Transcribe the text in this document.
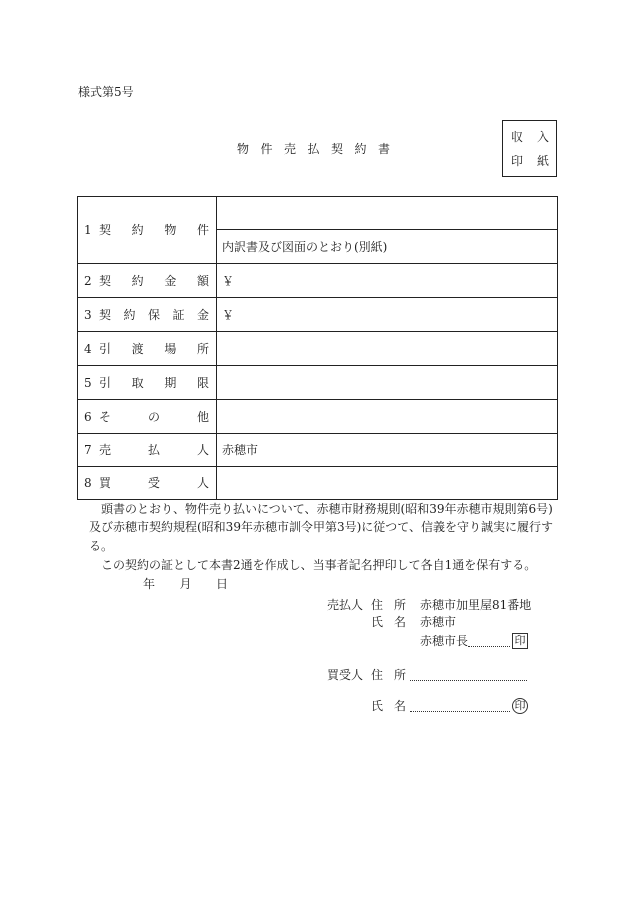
様式第5号
物 件 売 払 契 約 書
収 入
印 紙
1 契 約 物 件
内訳書及び図面のとおり(別紙)
2 契 約 金 額 ￥
3 契 約 保 証 金 ￥
4 引 渡 場 所
5 引 取 期 限
6 そ の 他
7 売 払 人 赤穂市
8 買 受 人
頭書のとおり、物件売り払いについて、赤穂市財務規則(昭和39年赤穂市規則第6号)
及び赤穂市契約規程(昭和39年赤穂市訓令甲第3号)に従つて、信義を守り誠実に履行す
る。
この契約の証として本書2通を作成し、当事者記名押印して各自1通を保有する。
年 月 日
売払人 住 所 赤穂市加里屋81番地
氏 名 赤穂市
赤穂市長	印
買受人 住 所
氏 名	印
